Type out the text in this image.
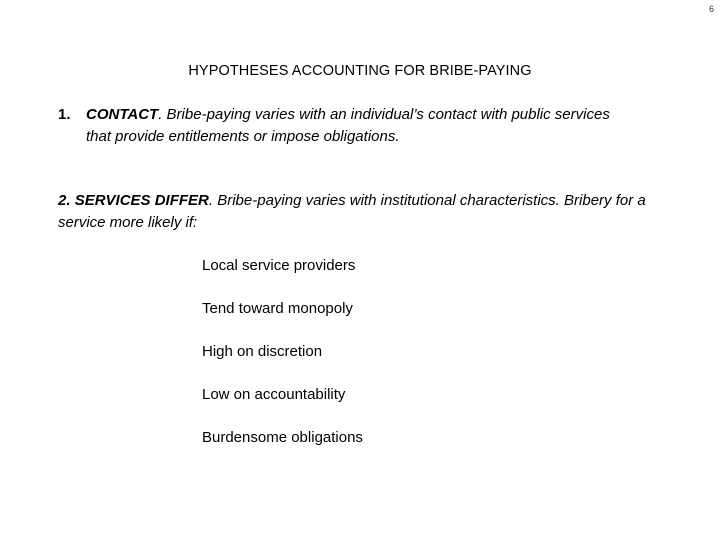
6
HYPOTHESES ACCOUNTING FOR BRIBE-PAYING
1. CONTACT. Bribe-paying varies with an individual’s contact with public services
that provide entitlements or impose obligations.
2. SERVICES DIFFER. Bribe-paying varies with institutional characteristics. Bribery for a service more likely if:
Local service providers
Tend toward monopoly
High on discretion
Low on accountability
Burdensome obligations
